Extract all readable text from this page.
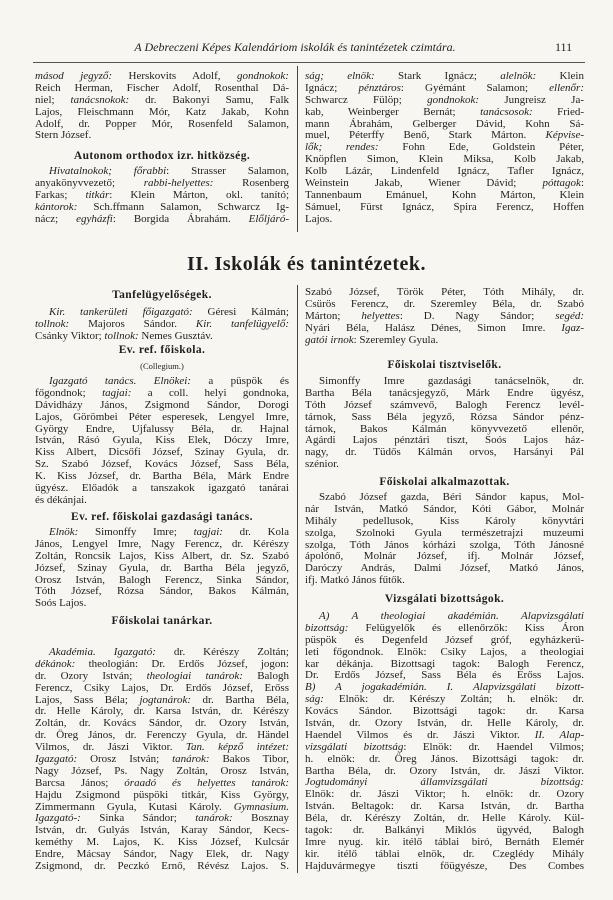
A Debreczeni Képes Kalendáriom iskolák és tanintézetek czimtára.	111
másod jegyző: Herskovits Adolf, gondnokok:
Reich Herman, Fischer Adolf, Rosenthal Dá-
niel; tanácsnokok: dr. Bakonyi Samu, Falk
Lajos, Fleischmann Mór, Katz Jakab, Kohn
Adolf, dr. Popper Mór, Rosenfeld Salamon,
Stern József.
Autonom orthodox izr. hitközség.
Hivatalnokok; főrabbi: Strasser Salamon,
anyakönyvvezető; rabbi-helyettes: Rosenberg
Farkas; titkár: Klein Márton, okl. tanító;
kántorok: Sch.ffmann Salamon, Schwarcz Ig-
nácz; egyházfi: Borgida Ábrahám. Előljáró-
ság; elnök: Stark Ignácz; alelnök: Klein
Ignácz; pénztáros: Gyémánt Salamon; ellenőr:
Schwarcz Fülöp; gondnokok: Jungreisz Ja-
kab, Weinberger Bernát; tanácsosok: Fried-
mann Ábrahám, Gelberger Dávid, Kohn Sá-
muel, Péterffy Benő, Stark Márton. Képvise-
lők; rendes: Fohn Ede, Goldstein Péter,
Knöpflen Simon, Klein Miksa, Kolb Jakab,
Kolb Lázár, Lindenfeld Ignácz, Tafler Ignácz,
Weinstein Jakab, Wiener Dávid; póttagok:
Tannenbaum Emánuel, Kohn Márton, Klein
Sámuel, Fürst Ignácz, Spira Ferencz, Hoffen
Lajos.
II. Iskolák és tanintézetek.
Tanfelügyelőségek.
Kir. tankerületi főigazgató: Géresi Kálmán;
tollnok: Majoros Sándor. Kir. tanfelügyelő:
Csánky Viktor; tollnok: Nemes Gusztáv.
Ev. ref. főiskola.
(Collegium.)
Igazgató tanács. Elnökei: a püspök és
főgondnok; tagjai: a coll. helyi gondnoka,
Dávidházy János, Zsigmond Sándor, Dorogi
Lajos, Görömbei Péter esperesek, Lengyel Imre,
György Endre, Ujfalussy Béla, dr. Hajnal
István, Rásó Gyula, Kiss Elek, Dóczy Imre,
Kiss Albert, Dicsőfi József, Szinay Gyula, dr.
Sz. Szabó József, Kovács József, Sass Béla,
K. Kiss József, dr. Bartha Béla, Márk Endre
ügyész. Előadók a tanszakok igazgató tanárai
és dékánjai.
Ev. ref. főiskolai gazdasági tanács.
Elnök: Simonffy Imre; tagjai: dr. Kola
János, Lengyel Imre, Nagy Ferencz, dr. Kérészy
Zoltán, Roncsik Lajos, Kiss Albert, dr. Sz. Szabó
József, Szinay Gyula, dr. Bartha Béla jegyző,
Orosz István, Balogh Ferencz, Sinka Sándor,
Tóth József, Rózsa Sándor, Bakos Kálmán,
Soós Lajos.
Főiskolai tanárkar.
Akadémia. Igazgató: dr. Kérészy Zoltán;
dékánok: theologián: Dr. Erdős József, jogon:
dr. Ozory István; theologiai tanárok: Balogh
Ferencz, Csiky Lajos, Dr. Erdős József, Erőss
Lajos, Sass Béla; jogtanárok: dr. Bartha Béla,
dr. Helle Károly, dr. Karsa István, dr. Kérészy
Zoltán, dr. Kovács Sándor, dr. Ozory István,
dr. Öreg János, dr. Ferenczy Gyula, dr. Händel
Vilmos, dr. Jászi Viktor. Tan. képző intézet:
Igazgató: Orosz István; tanárok: Bakos Tibor,
Nagy József, Ps. Nagy Zoltán, Orosz István,
Barcsa János; óraadó és helyettes tanárok:
Hajdu Zsigmond püspöki titkár, Kiss György,
Zimmermann Gyula, Kutasi Károly. Gymnasium.
Igazgató-: Sinka Sándor; tanárok: Bosznay
István, dr. Gulyás István, Karay Sándor, Kecs-
keméthy M. Lajos, K. Kiss József, Kulcsár
Endre, Mácsay Sándor, Nagy Elek, dr. Nagy
Zsigmond, dr. Peczkó Ernő, Révész Lajos. S.
Szabó József, Török Péter, Tóth Mihály, dr.
Csürös Ferencz, dr. Szeremley Béla, dr. Szabó
Márton; helyettes: D. Nagy Sándor; segéd:
Nyári Béla, Halász Dénes, Simon Imre. Igaz-
gatói irnok: Szeremley Gyula.
Főiskolai tisztviselők.
Simonffy Imre gazdasági tanácselnök, dr.
Bartha Béla tanácsjegyző, Márk Endre ügyész,
Tóth József számvevő, Balogh Ferencz levél-
tárnok, Sass Béla jegyző, Rózsa Sándor pénz-
tárnok, Bakos Kálmán könyvvezető ellenőr,
Agárdi Lajos pénztári tiszt, Soós Lajos ház-
nagy, dr. Tüdős Kálmán orvos, Harsányi Pál
szénior.
Főiskolai alkalmazottak.
Szabó József gazda, Béri Sándor kapus, Mol-
nár István, Matkó Sándor, Kóti Gábor, Molnár
Mihály pedellusok, Kiss Károly könyvtári
szolga, Szolnoki Gyula természetrajzi muzeumi
szolga, Tóth János kórházi szolga, Tóth Jánosné
ápolónő, Molnár József, ifj. Molnár József,
Daróczy András, Dalmi József, Matkó János,
ifj. Matkó János fűtők.
Vizsgálati bizottságok.
A) A theologiai akadémián. Alapvizsgálati
bizottság: Felügyelők és ellenőrzők: Kiss Áron
püspök és Degenfeld József gróf, egyházkerü-
leti főgondnok. Elnök: Csiky Lajos, a theologiai
kar dékánja. Bizottsagi tagok: Balogh Ferencz,
Dr. Erdős József, Sass Béla és Erőss Lajos.
B) A jogakadémián. I. Alapvizsgálati bizott-
ság: Elnök: dr. Kérészy Zoltán; h. elnök: dr.
Kovács Sándor. Bizottsági tagok: dr. Karsa
István, dr. Ozory István, dr. Helle Károly, dr.
Haendel Vilmos és dr. Jászi Viktor. II. Alap-
vizsgálati bizottság: Elnök: dr. Haendel Vilmos;
h. elnök: dr. Öreg János. Bizottsági tagok: dr.
Bartha Béla, dr. Ozory István, dr. Jászi Viktor.
Jogtudományi államvizsgálati bizottság:
Elnök: dr. Jászi Viktor; h. elnök: dr. Ozory
István. Beltagok: dr. Karsa István, dr. Bartha
Béla, dr. Kérészy Zoltán, dr. Helle Károly. Kül-
tagok: dr. Balkányi Miklós ügyvéd, Balogh
Imre nyug. kir. itélő táblai biró, Bernáth Elemér
kir. itélő táblai elnök, dr. Czeglédy Mihály
Hajduvármegye tiszti főügyésze, Des Combes
